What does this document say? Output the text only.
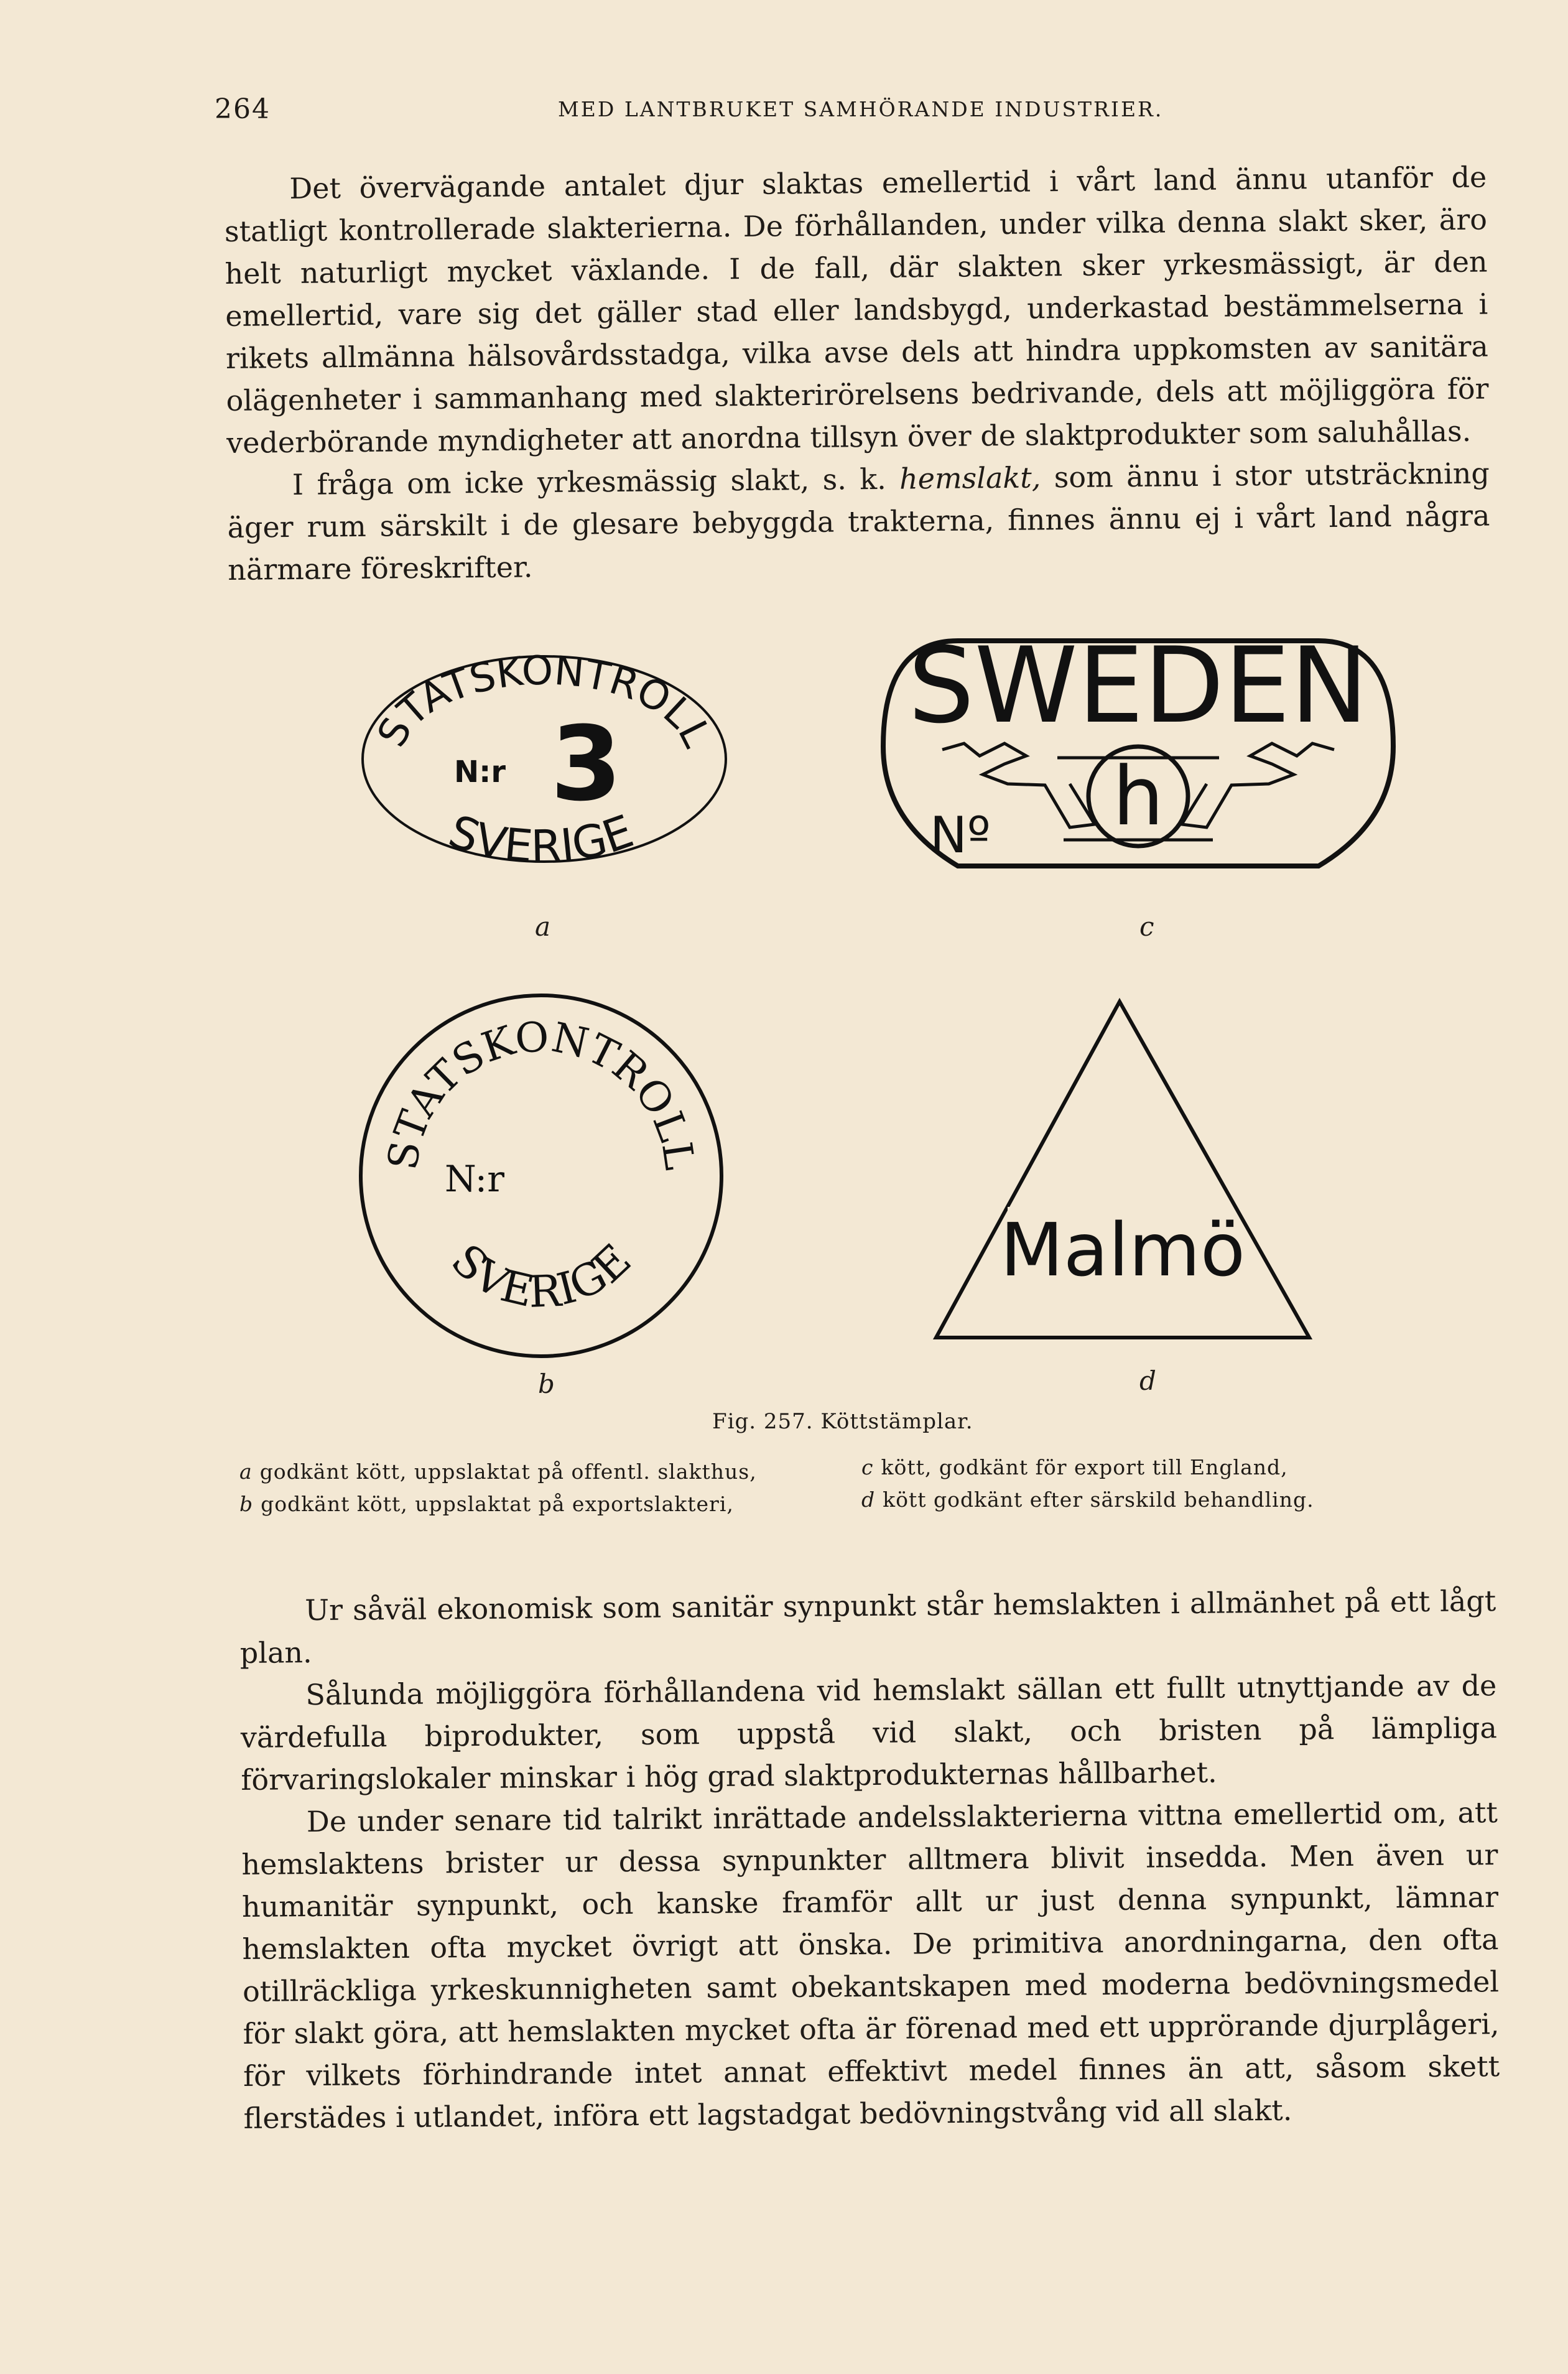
264	MED LANTBRUKET SAMHÖRANDE INDUSTRIER.

Det övervägande antalet djur slaktas emellertid i vårt land ännu utanför de statligt kontrollerade slakterierna. De förhållanden, under vilka denna slakt sker, äro helt naturligt mycket växlande. I de fall, där slakten sker yrkesmässigt, är den emellertid, vare sig det gäller stad eller landsbygd, underkastad bestämmelserna i rikets allmänna hälsovårdsstadga, vilka avse dels att hindra uppkomsten av sanitära olägenheter i sammanhang med slakterirörelsens bedrivande, dels att möjliggöra för vederbörande myndigheter att anordna tillsyn över de slaktprodukter som saluhållas.

I fråga om icke yrkesmässig slakt, s. k. hemslakt, som ännu i stor utsträckning äger rum särskilt i de glesare bebyggda trakterna, finnes ännu ej i vårt land några närmare föreskrifter.

STATSKONTROLL
N:r 3
SVERIGE
a
SWEDEN
h
Nº
c
STATSKONTROLL
N:r
SVERIGE
b
Malmö
d
Fig. 257. Köttstämplar.
a godkänt kött, uppslaktat på offentl. slakthus,
b godkänt kött, uppslaktat på exportslakteri,
c kött, godkänt för export till England,
d kött godkänt efter särskild behandling.

Ur såväl ekonomisk som sanitär synpunkt står hemslakten i allmänhet på ett lågt plan.

Sålunda möjliggöra förhållandena vid hemslakt sällan ett fullt utnyttjande av de värdefulla biprodukter, som uppstå vid slakt, och bristen på lämpliga förvaringslokaler minskar i hög grad slaktprodukternas hållbarhet.

De under senare tid talrikt inrättade andelsslakterierna vittna emellertid om, att hemslaktens brister ur dessa synpunkter alltmera blivit insedda. Men även ur humanitär synpunkt, och kanske framför allt ur just denna synpunkt, lämnar hemslakten ofta mycket övrigt att önska. De primitiva anordningarna, den ofta otillräckliga yrkeskunnigheten samt obekantskapen med moderna bedövningsmedel för slakt göra, att hemslakten mycket ofta är förenad med ett upprörande djurplågeri, för vilkets förhindrande intet annat effektivt medel finnes än att, såsom skett flerstädes i utlandet, införa ett lagstadgat bedövningstvång vid all slakt.
